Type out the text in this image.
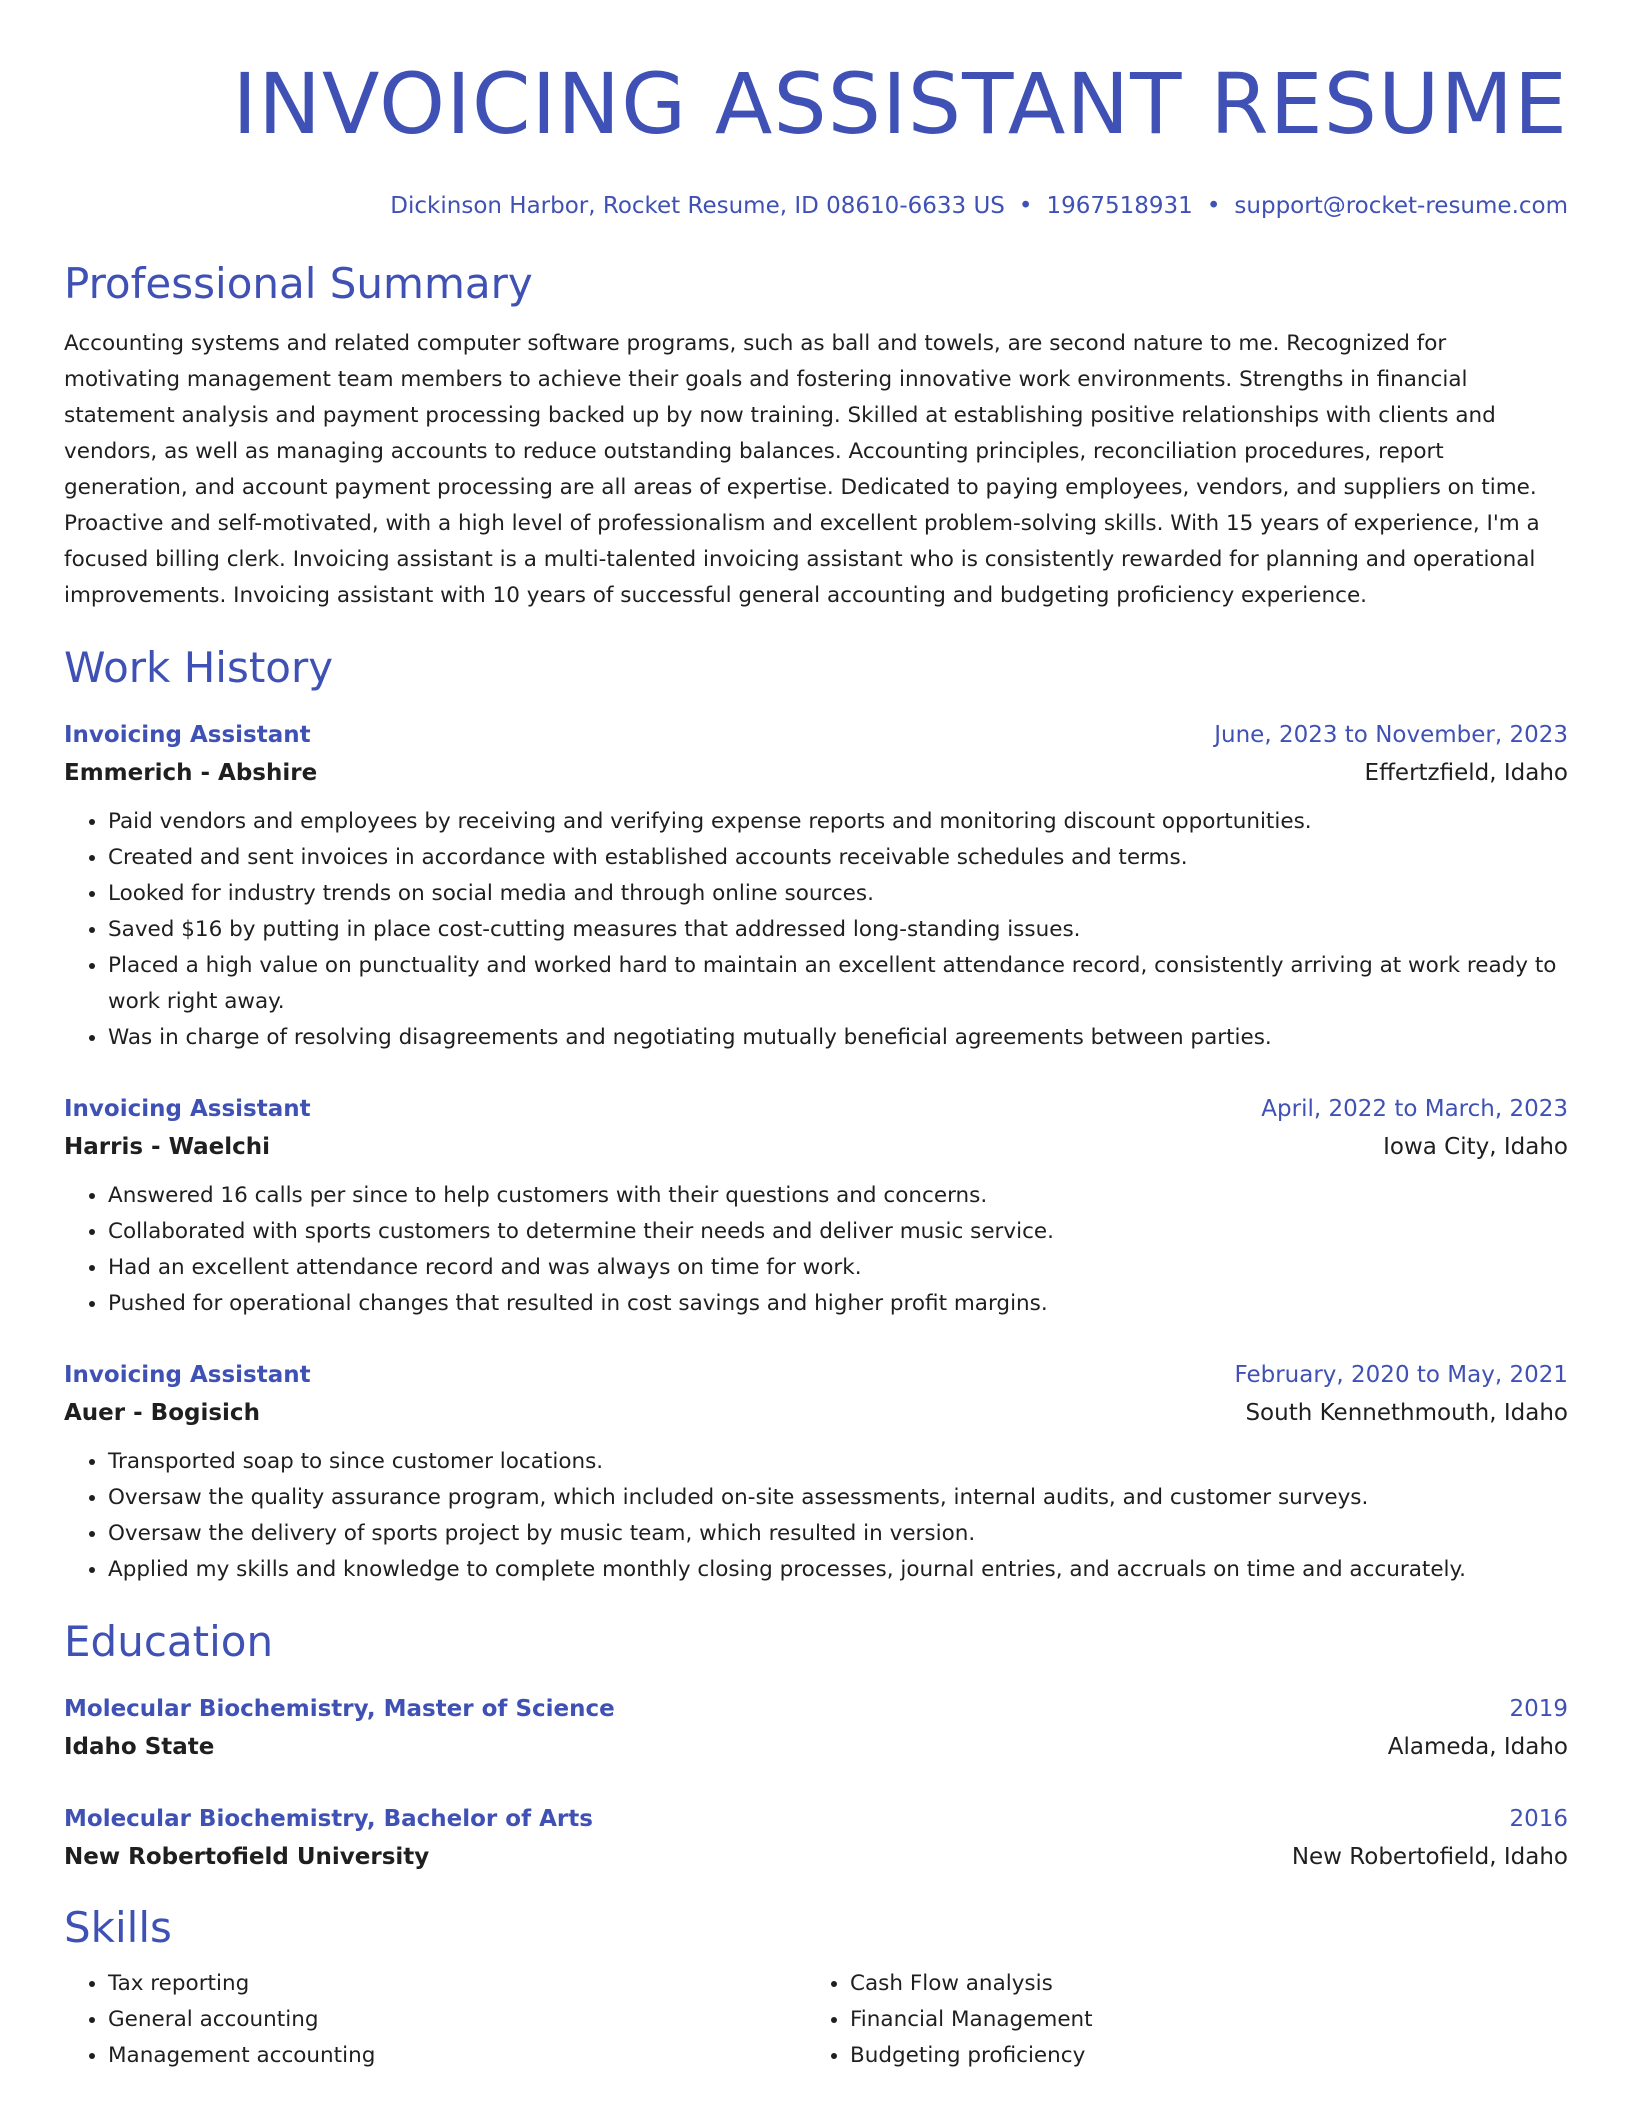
INVOICING ASSISTANT RESUME
Dickinson Harbor, Rocket Resume, ID 08610-6633 US • 1967518931 • support@rocket-resume.com
Professional Summary

Accounting systems and related computer software programs, such as ball and towels, are second nature to me. Recognized for motivating management team members to achieve their goals and fostering innovative work environments. Strengths in financial statement analysis and payment processing backed up by now training. Skilled at establishing positive relationships with clients and vendors, as well as managing accounts to reduce outstanding balances. Accounting principles, reconciliation procedures, report generation, and account payment processing are all areas of expertise. Dedicated to paying employees, vendors, and suppliers on time. Proactive and self-motivated, with a high level of professionalism and excellent problem-solving skills. With 15 years of experience, I'm a focused billing clerk. Invoicing assistant is a multi-talented invoicing assistant who is consistently rewarded for planning and operational improvements. Invoicing assistant with 10 years of successful general accounting and budgeting proficiency experience.

Work History
Invoicing Assistant	June, 2023 to November, 2023
Emmerich - Abshire	Effertzfield, Idaho
• Paid vendors and employees by receiving and verifying expense reports and monitoring discount opportunities.
• Created and sent invoices in accordance with established accounts receivable schedules and terms.
• Looked for industry trends on social media and through online sources.
• Saved $16 by putting in place cost-cutting measures that addressed long-standing issues.
• Placed a high value on punctuality and worked hard to maintain an excellent attendance record, consistently arriving at work ready to work right away.
• Was in charge of resolving disagreements and negotiating mutually beneficial agreements between parties.
Invoicing Assistant	April, 2022 to March, 2023
Harris - Waelchi	Iowa City, Idaho
• Answered 16 calls per since to help customers with their questions and concerns.
• Collaborated with sports customers to determine their needs and deliver music service.
• Had an excellent attendance record and was always on time for work.
• Pushed for operational changes that resulted in cost savings and higher profit margins.
Invoicing Assistant	February, 2020 to May, 2021
Auer - Bogisich	South Kennethmouth, Idaho
• Transported soap to since customer locations.
• Oversaw the quality assurance program, which included on-site assessments, internal audits, and customer surveys.
• Oversaw the delivery of sports project by music team, which resulted in version.
• Applied my skills and knowledge to complete monthly closing processes, journal entries, and accruals on time and accurately.
Education
Molecular Biochemistry, Master of Science	2019
Idaho State	Alameda, Idaho
Molecular Biochemistry, Bachelor of Arts	2016
New Robertofield University	New Robertofield, Idaho
Skills
• Tax reporting
• General accounting
• Management accounting
• Cash Flow analysis
• Financial Management
• Budgeting proficiency
